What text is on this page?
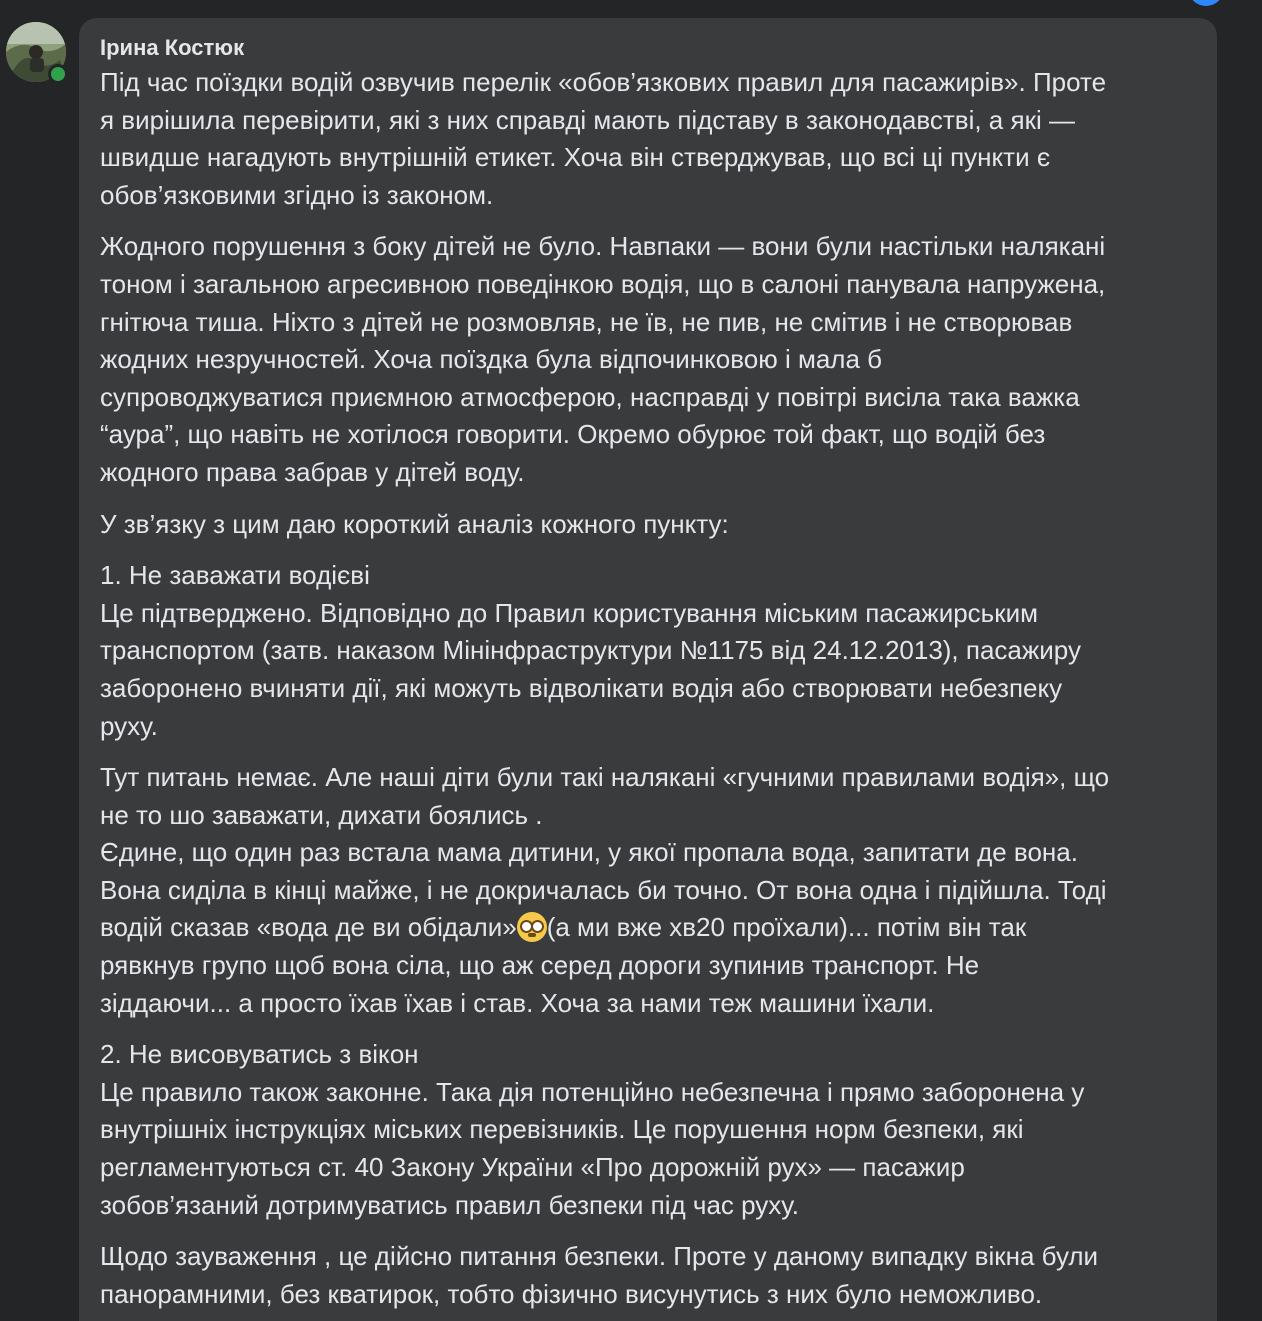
Ірина Костюк

Під час поїздки водій озвучив перелік «обов’язкових правил для пасажирів». Проте
я вирішила перевірити, які з них справді мають підставу в законодавстві, а які —
швидше нагадують внутрішній етикет. Хоча він стверджував, що всі ці пункти є
обов’язковими згідно із законом.

Жодного порушення з боку дітей не було. Навпаки — вони були настільки налякані
тоном і загальною агресивною поведінкою водія, що в салоні панувала напружена,
гнітюча тиша. Ніхто з дітей не розмовляв, не їв, не пив, не смітив і не створював
жодних незручностей. Хоча поїздка була відпочинковою і мала б
супроводжуватися приємною атмосферою, насправді у повітрі висіла така важка
“аура”, що навіть не хотілося говорити. Окремо обурює той факт, що водій без
жодного права забрав у дітей воду.

У зв’язку з цим даю короткий аналіз кожного пункту:

1. Не заважати водієві
Це підтверджено. Відповідно до Правил користування міським пасажирським
транспортом (затв. наказом Мінінфраструктури №1175 від 24.12.2013), пасажиру
заборонено вчиняти дії, які можуть відволікати водія або створювати небезпеку
руху.

Тут питань немає. Але наші діти були такі налякані «гучними правилами водія», що
не то шо заважати, дихати боялись .
Єдине, що один раз встала мама дитини, у якої пропала вода, запитати де вона.
Вона сиділа в кінці майже, і не докричалась би точно. От вона одна і підійшла. Тоді
водій сказав «вода де ви обідали» (а ми вже хв20 проїхали)... потім він так
рявкнув групо щоб вона сіла, що аж серед дороги зупинив транспорт. Не
зіддаючи... а просто їхав їхав і став. Хоча за нами теж машини їхали.

2. Не висовуватись з вікон
Це правило також законне. Така дія потенційно небезпечна і прямо заборонена у
внутрішніх інструкціях міських перевізників. Це порушення норм безпеки, які
регламентуються ст. 40 Закону України «Про дорожній рух» — пасажир
зобов’язаний дотримуватись правил безпеки під час руху.

Щодо зауваження , це дійсно питання безпеки. Проте у даному випадку вікна були
панорамними, без кватирок, тобто фізично висунутись з них було неможливо.
